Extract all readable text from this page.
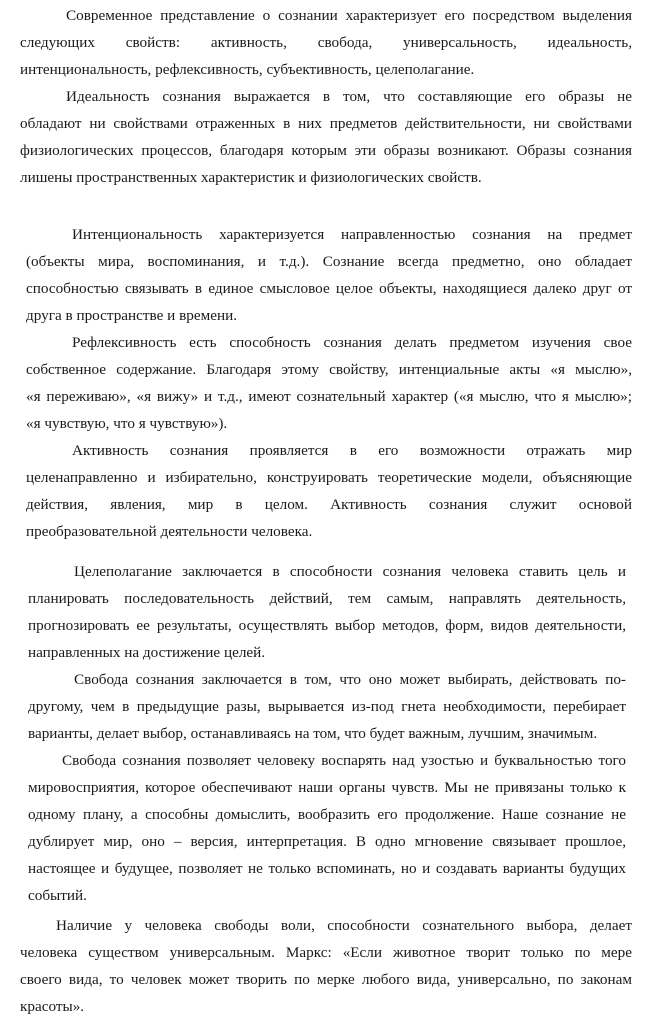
Современное представление о сознании характеризует его посредством выделения
следующих свойств: активность, свобода, универсальность, идеальность,
интенциональность, рефлексивность, субъективность, целеполагание.

Идеальность сознания выражается в том, что составляющие его образы не
обладают ни свойствами отраженных в них предметов действительности, ни свойствами
физиологических процессов, благодаря которым эти образы возникают. Образы сознания
лишены пространственных характеристик и физиологических свойств.

Интенциональность характеризуется направленностью сознания на предмет
(объекты мира, воспоминания, и т.д.). Сознание всегда предметно, оно обладает
способностью связывать в единое смысловое целое объекты, находящиеся далеко друг от
друга в пространстве и времени.

Рефлексивность есть способность сознания делать предметом изучения свое
собственное содержание. Благодаря этому свойству, интенциальные акты «я мыслю»,
«я переживаю», «я вижу» и т.д., имеют сознательный характер («я мыслю, что я мыслю»;
«я чувствую, что я чувствую»).

Активность сознания проявляется в его возможности отражать мир
целенаправленно и избирательно, конструировать теоретические модели, объясняющие
действия, явления, мир в целом. Активность сознания служит основой
преобразовательной деятельности человека.

Целеполагание заключается в способности сознания человека ставить цель и
планировать последовательность действий, тем самым, направлять деятельность,
прогнозировать ее результаты, осуществлять выбор методов, форм, видов деятельности,
направленных на достижение целей.

Свобода сознания заключается в том, что оно может выбирать, действовать по-
другому, чем в предыдущие разы, вырывается из-под гнета необходимости, перебирает
варианты, делает выбор, останавливаясь на том, что будет важным, лучшим, значимым.

Свобода сознания позволяет человеку воспарять над узостью и буквальностью того
мировосприятия, которое обеспечивают наши органы чувств. Мы не привязаны только к
одному плану, а способны домыслить, вообразить его продолжение. Наше сознание не
дублирует мир, оно – версия, интерпретация. В одно мгновение связывает прошлое,
настоящее и будущее, позволяет не только вспоминать, но и создавать варианты будущих
событий.

Наличие у человека свободы воли, способности сознательного выбора, делает
человека существом универсальным. Маркс: «Если животное творит только по мере
своего вида, то человек может творить по мерке любого вида, универсально, по законам
красоты».
